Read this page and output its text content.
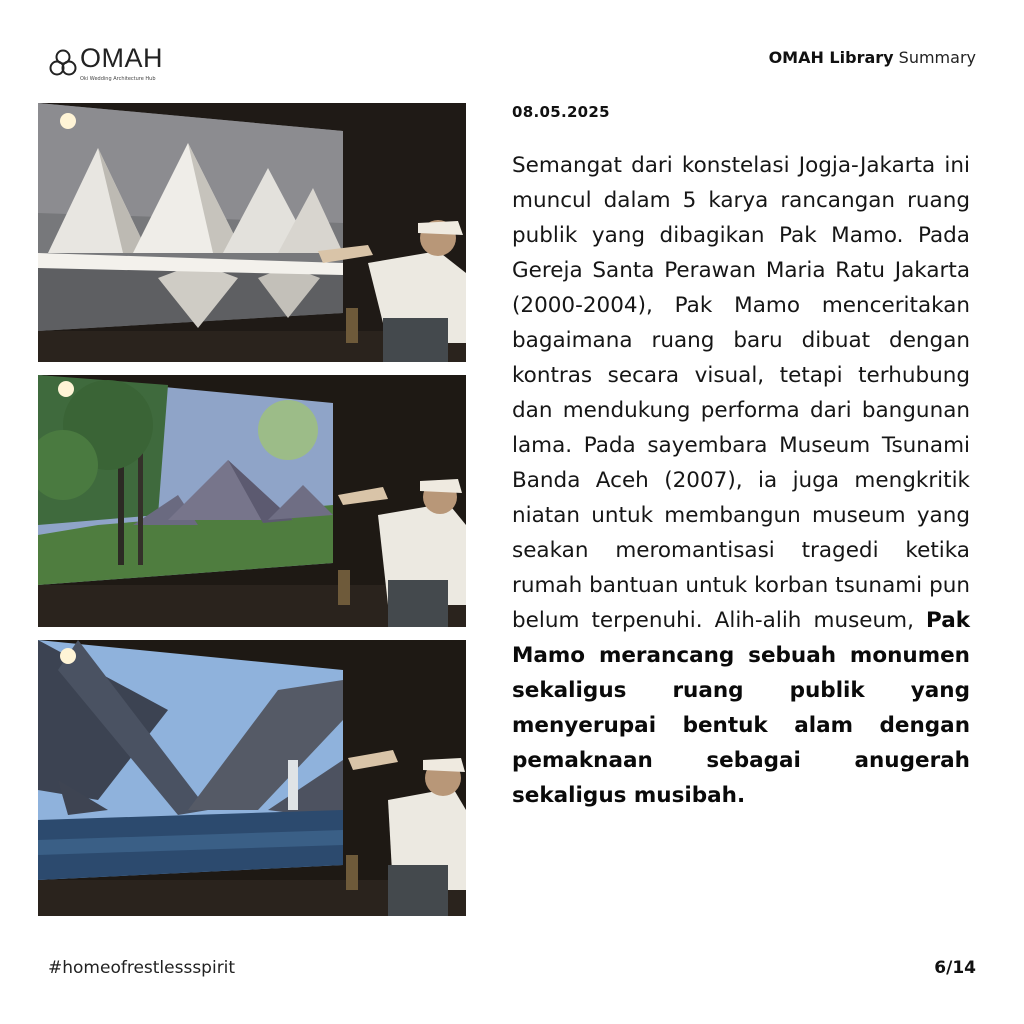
OMAH
Oki Wedding Architecture Hub
OMAH Library Summary
08.05.2025
Semangat dari konstelasi Jogja-Jakarta ini muncul dalam 5 karya rancangan ruang publik yang dibagikan Pak Mamo. Pada Gereja Santa Perawan Maria Ratu Jakarta (2000-2004), Pak Mamo menceritakan bagaimana ruang baru dibuat dengan kontras secara visual, tetapi terhubung dan mendukung performa dari bangunan lama. Pada sayembara Museum Tsunami Banda Aceh (2007), ia juga mengkritik niatan untuk membangun museum yang seakan meromantisasi tragedi ketika rumah bantuan untuk korban tsunami pun belum terpenuhi. Alih-alih museum, Pak Mamo merancang sebuah monumen sekaligus ruang publik yang menyerupai bentuk alam dengan pemaknaan sebagai anugerah sekaligus musibah.
#homeofrestlessspirit	6/14
